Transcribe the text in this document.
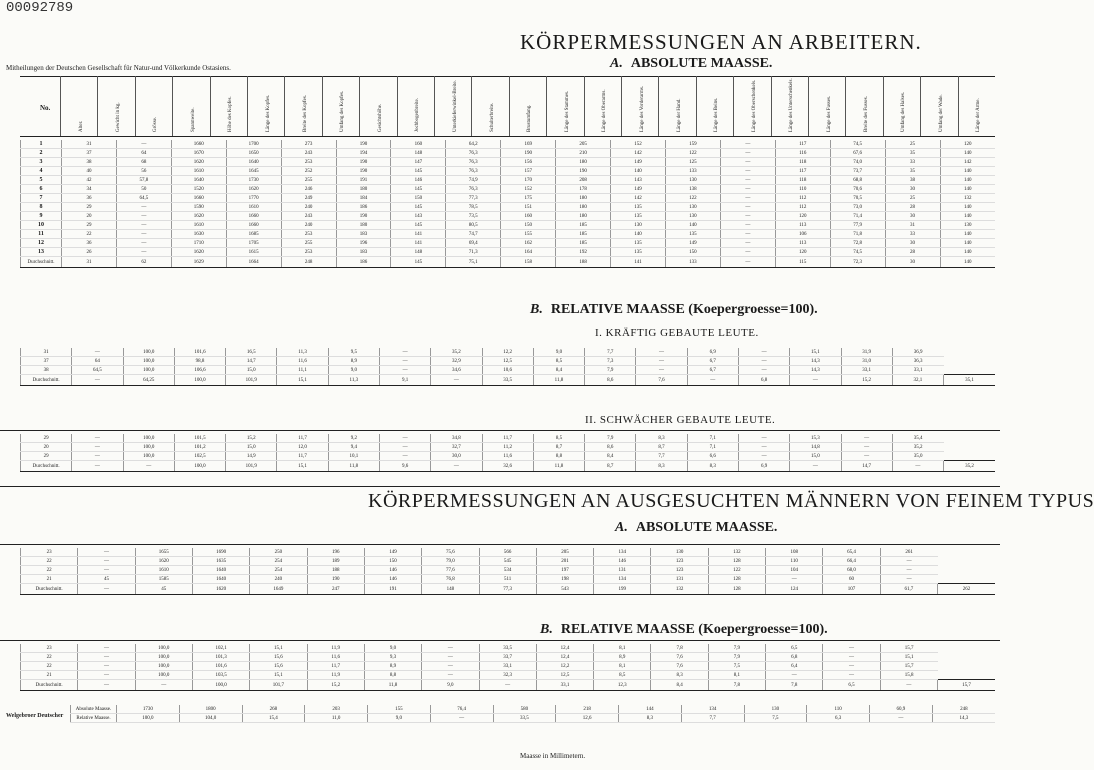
00092789
KÖRPERMESSUNGEN AN ARBEITERN.
A. ABSOLUTE MAASSE.
Mitheilungen der Deutschen Gesellschaft für Natur-und Völkerkunde Ostasiens.
Alter.	Gewicht in kg.	Grösse.	Spannweite.	Höhe des Kopfes.	Länge des Kopfes.	Breite des Kopfes.	Umfang des Kopfes.	Gesichtshöhe.	Jochbogenbreite.	Unterkieferwinkel-Breite.	Schulterbreite.	Brustumfang.	Länge des Stammes.	Länge des Oberarms.	Länge des Vorderarms.	Länge der Hand.	Länge des Beins.	Länge des Oberschenkels.	Länge des Unterschenkels.	Länge des Fusses.	Breite des Fusses.	Umfang des Halses.	Umfang der Wade.	Länge der Arme.
No.
1	31	—	1660	1700	273	190	160	64,2	169	205	152	159	—	117	74,5	25	120
2	37	64	1670	1650	243	194	148	76,3	190	210	142	122	—	116	67,6	35	140
3	38	68	1620	1640	253	190	147	76,3	156	180	149	125	—	118	74,0	33	142
4	40	56	1610	1645	252	190	145	76,3	157	190	140	133	—	117	73,7	35	140
5	42	57,8	1640	1730	255	191	146	74,9	170	208	143	130	—	118	68,8	38	140
6	34	50	1520	1620	246	180	145	76,3	152	178	149	138	—	110	70,6	30	140
7	36	64,5	1660	1770	249	184	150	77,3	175	180	142	122	—	112	70,5	25	132
8	29	—	1590	1610	240	186	145	78,5	151	180	135	130	—	112	73,0	28	140
9	20	—	1620	1660	243	190	143	73,5	160	180	135	130	—	120	71,4	30	140
10	29	—	1610	1660	240	180	145	80,5	150	185	130	140	—	113	77,9	31	130
11	22	—	1630	1685	253	183	141	74,7	155	185	140	135	—	106	71,8	33	140
12	36	—	1710	1705	255	196	141	69,4	162	185	135	149	—	113	72,8	30	140
13	26	—	1620	1615	253	183	148	71,3	164	192	135	150	—	120	74,5	28	140
Durchschnitt.	31	62	1629	1664	248	186	145	75,1	158	188	141	133	—	115	72,3	30	140
B. RELATIVE MAASSE (Koepergroesse=100).
I. KRÄFTIG GEBAUTE LEUTE.
31	—	100,0	101,6	16,5	11,3	9,5	—	35,2	12,2	9,0	7,7	—	6,9	—	15,1	31,9	36,9	
37	64	100,0	98,8	14,7	11,6	8,9	—	32,9	12,5	8,5	7,3	—	6,7	—	14,3	31,0	36,3	
38	64,5	100,0	106,6	15,0	11,1	9,0	—	34,6	10,6	8,4	7,9	—	6,7	—	14,3	33,1	33,1	
Durchschnitt.	—	64,25	100,0	101,9	15,1	11,3	9,1	—	33,5	11,8	8,6	7,6	—	6,8	—	15,2	32,1	35,1
II. SCHWÄCHER GEBAUTE LEUTE.
29	—	100,0	101,5	15,2	11,7	9,2	—	34,8	11,7	8,5	7,9	8,3	7,1	—	15,3	—	35,4	
20	—	100,0	101,2	15,0	12,0	9,4	—	32,7	11,2	8,7	8,6	8,7	7,1	—	14,8	—	35,2	
29	—	100,0	102,5	14,9	11,7	10,1	—	30,0	11,6	8,8	8,4	7,7	6,6	—	15,0	—	35,0	
Durchschnitt.	—	—	100,0	101,9	15,1	11,8	9,6	—	32,6	11,8	8,7	8,3	8,3	6,9	—	14,7	—	35,2
KÖRPERMESSUNGEN AN AUSGESUCHTEN MÄNNERN VON FEINEM TYPUS
A. ABSOLUTE MAASSE.
23	—	1655	1690	250	196	149	75,6	566	205	134	130	132	108	65,4	261	
22	—	1620	1635	254	189	150	79,0	545	201	146	123	128	110	66,4	—	
22	—	1610	1640	254	188	146	77,6	534	197	131	123	122	104	68,0	—	
21	45	1585	1640	240	190	146	76,8	511	198	134	131	128	—	60	—	
Durchschnitt.	—	45	1620	1649	247	191	148	77,3	543	199	132	128	124	107	61,7	262
B. RELATIVE MAASSE (Koepergroesse=100).
23	—	100,0	102,1	15,1	11,9	9,0	—	33,5	12,4	8,1	7,8	7,9	6,5	—	15,7	
22	—	100,0	101,3	15,6	11,6	9,3	—	33,7	12,4	8,9	7,6	7,9	6,8	—	15,1	
22	—	100,0	101,6	15,6	11,7	8,9	—	33,1	12,2	8,1	7,6	7,5	6,4	—	15,7	
21	—	100,0	103,5	15,1	11,9	8,8	—	32,3	12,5	8,5	8,3	8,1	—	—	15,8	
Durchschnitt.	—	—	100,0	101,7	15,2	11,8	9,0	—	33,1	12,3	8,4	7,8	7,8	6,5	—	15,7
Welgebroer Deutscher
Absolute Maasse.	1730	1800	268	203	155	76,4	580	218	144	134	130	110	60,9	248
Relative Maasse.	100,0	104,0	15,4	11,0	9,0	—	33,5	12,6	8,3	7,7	7,5	6,3	—	14,3
Maasse in Millimetern.
